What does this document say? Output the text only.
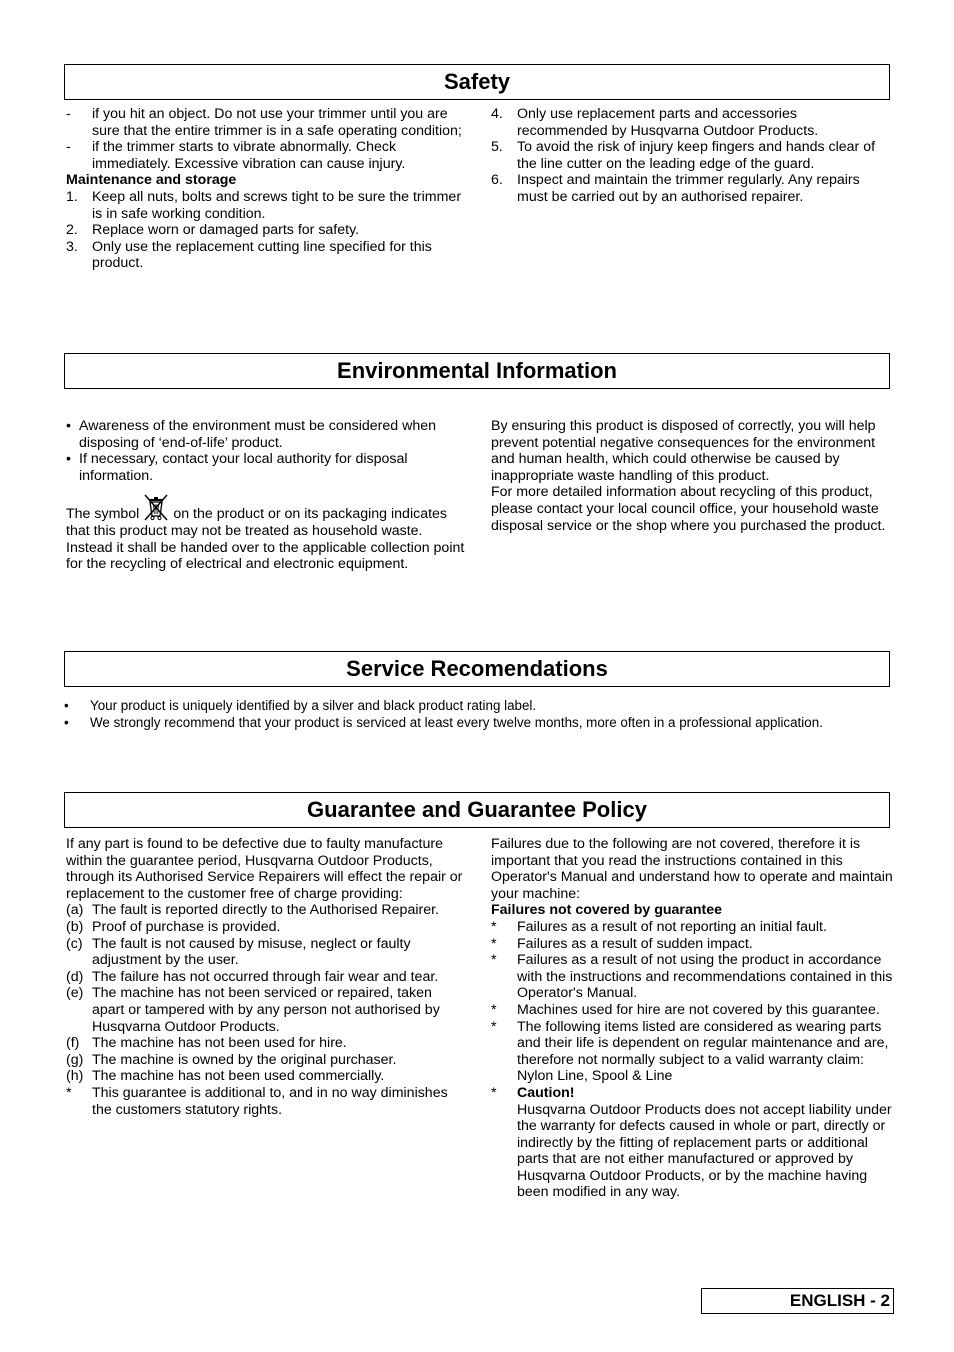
Safety
- if you hit an object. Do not use your trimmer until you are sure that the entire trimmer is in a safe operating condition;
- if the trimmer starts to vibrate abnormally. Check immediately. Excessive vibration can cause injury.

Maintenance and storage

1. Keep all nuts, bolts and screws tight to be sure the trimmer is in safe working condition.
2. Replace worn or damaged parts for safety.
3. Only use the replacement cutting line specified for this product.
4. Only use replacement parts and accessories recommended by Husqvarna Outdoor Products.
5. To avoid the risk of injury keep fingers and hands clear of the line cutter on the leading edge of the guard.
6. Inspect and maintain the trimmer regularly. Any repairs must be carried out by an authorised repairer.
Environmental Information
• Awareness of the environment must be considered when disposing of ‘end-of-life’ product.
• If necessary, contact your local authority for disposal information.

The symbol on the product or on its packaging indicates that this product may not be treated as household waste. Instead it shall be handed over to the applicable collection point for the recycling of electrical and electronic equipment.

By ensuring this product is disposed of correctly, you will help prevent potential negative consequences for the environment and human health, which could otherwise be caused by inappropriate waste handling of this product.

For more detailed information about recycling of this product, please contact your local council office, your household waste disposal service or the shop where you purchased the product.

Service Recomendations
• Your product is uniquely identified by a silver and black product rating label.
• We strongly recommend that your product is serviced at least every twelve months, more often in a professional application.
Guarantee and Guarantee Policy

If any part is found to be defective due to faulty manufacture within the guarantee period, Husqvarna Outdoor Products, through its Authorised Service Repairers will effect the repair or replacement to the customer free of charge providing:

(a) The fault is reported directly to the Authorised Repairer.
(b) Proof of purchase is provided.
(c) The fault is not caused by misuse, neglect or faulty adjustment by the user.
(d) The failure has not occurred through fair wear and tear.
(e) The machine has not been serviced or repaired, taken apart or tampered with by any person not authorised by Husqvarna Outdoor Products.
(f) The machine has not been used for hire.
(g) The machine is owned by the original purchaser.
(h) The machine has not been used commercially.
* This guarantee is additional to, and in no way diminishes the customers statutory rights.

Failures due to the following are not covered, therefore it is important that you read the instructions contained in this Operator's Manual and understand how to operate and maintain your machine:

Failures not covered by guarantee

* Failures as a result of not reporting an initial fault.
* Failures as a result of sudden impact.
* Failures as a result of not using the product in accordance with the instructions and recommendations contained in this Operator's Manual.
* Machines used for hire are not covered by this guarantee.
* The following items listed are considered as wearing parts and their life is dependent on regular maintenance and are, therefore not normally subject to a valid warranty claim: Nylon Line, Spool & Line
* Caution!
Husqvarna Outdoor Products does not accept liability under the warranty for defects caused in whole or part, directly or indirectly by the fitting of replacement parts or additional parts that are not either manufactured or approved by Husqvarna Outdoor Products, or by the machine having been modified in any way.
ENGLISH - 2
